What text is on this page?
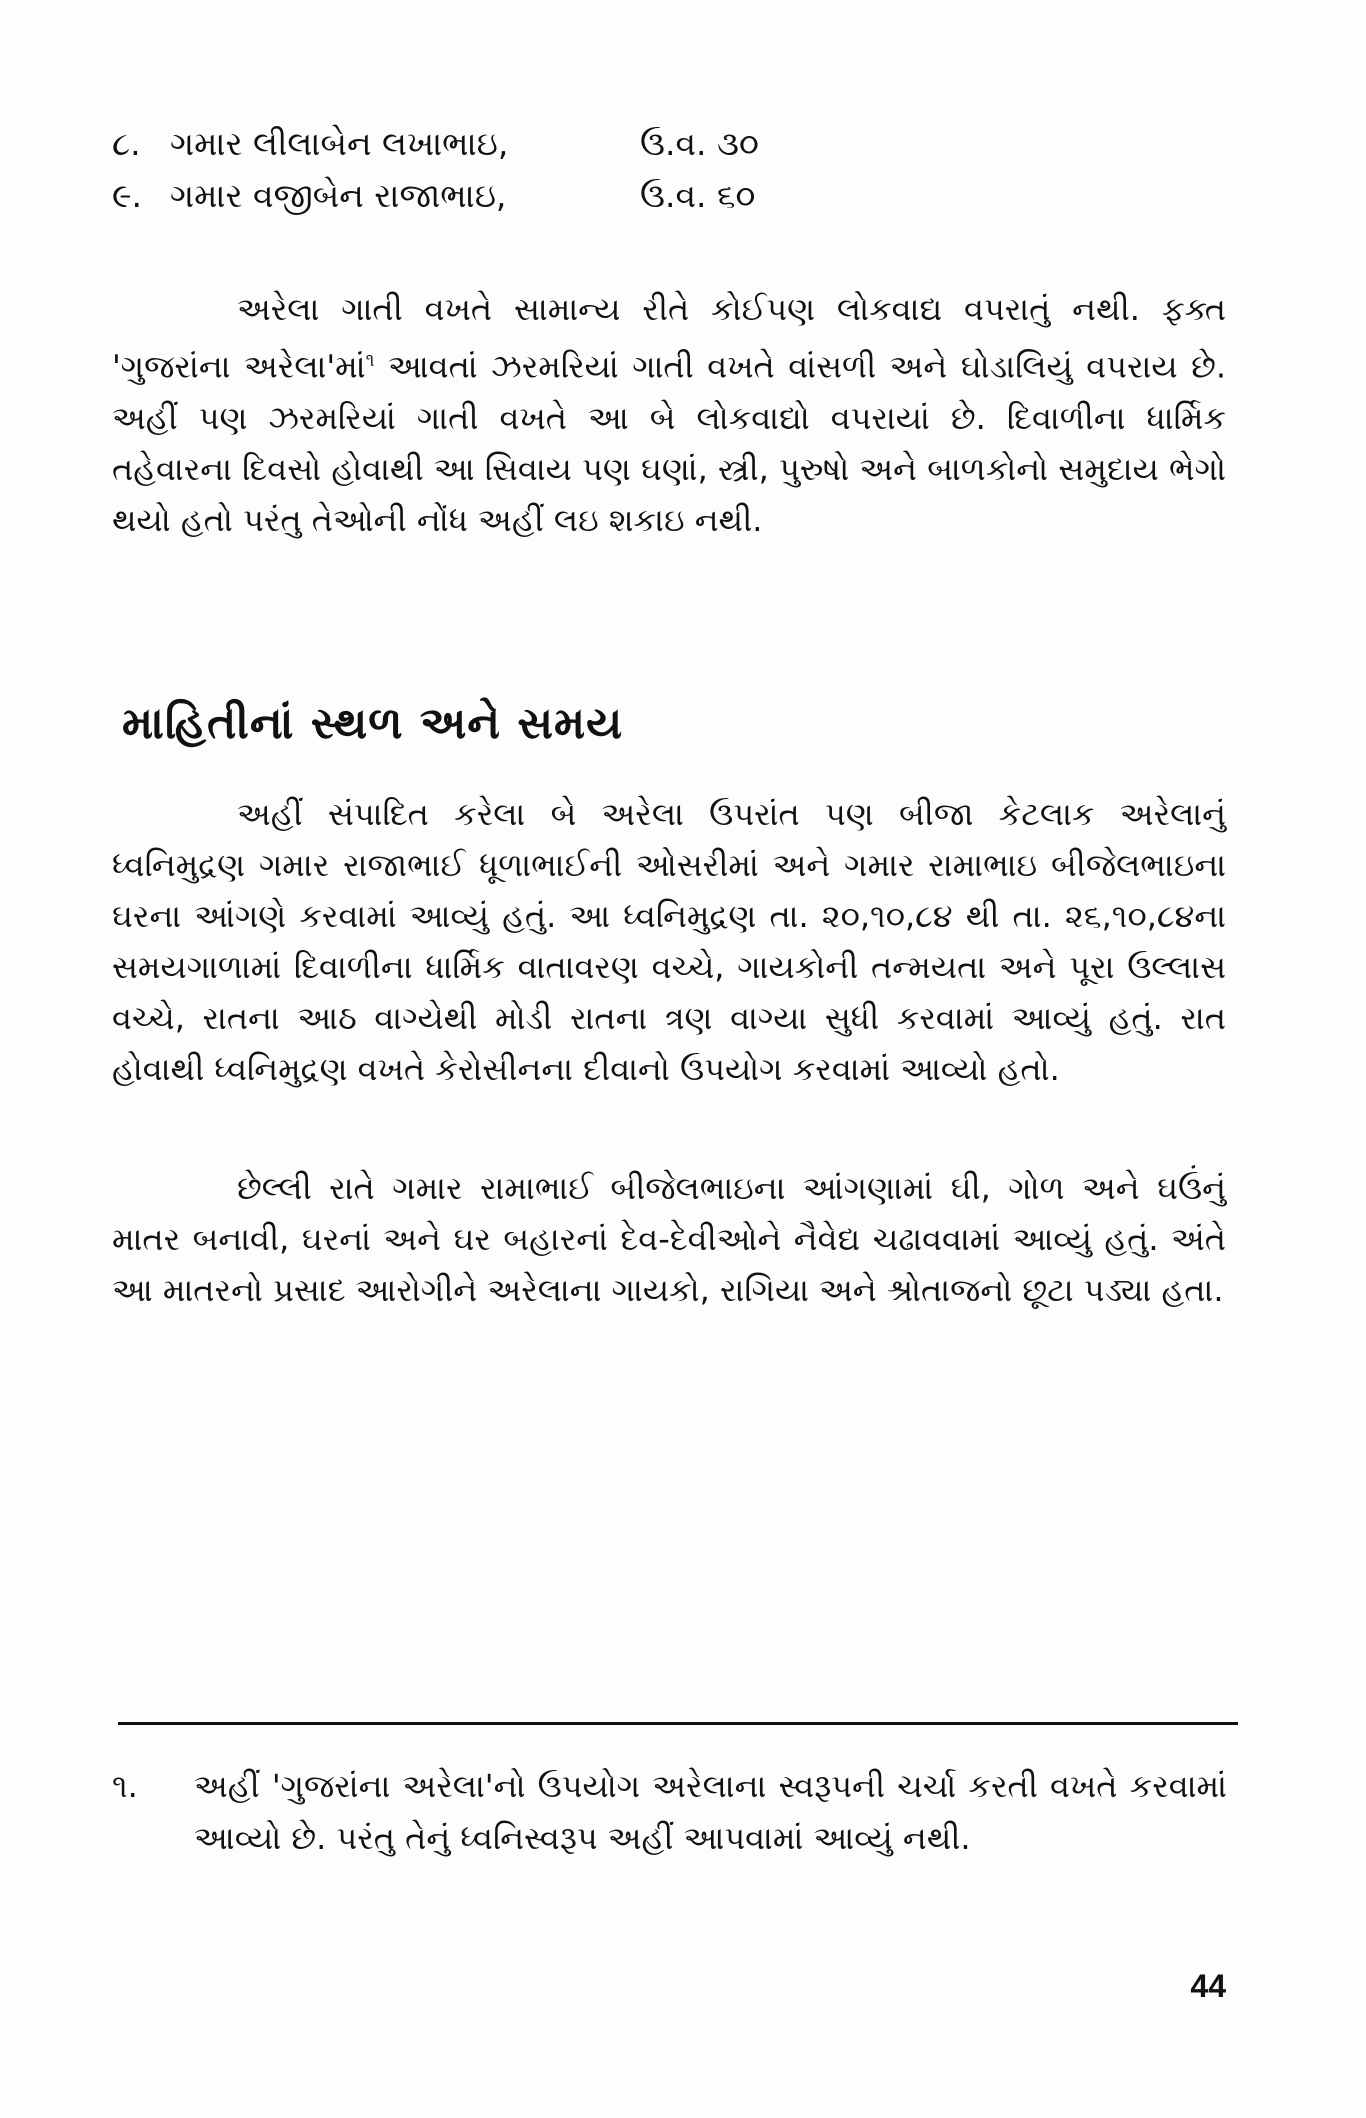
૮. ગમાર લીલાબેન લખાભાઇ,	ઉ.વ. ૩૦
૯. ગમાર વજીબેન રાજાભાઇ,	ઉ.વ. ૬૦

અરેલા ગાતી વખતે સામાન્ય રીતે કોઈપણ લોકવાદ્ય વપરાતું નથી. ફક્ત 'ગુજરાંના અરેલા'માં$^૧$ આવતાં ઝરમરિયાં ગાતી વખતે વાંસળી અને ઘોડાલિયું વપરાય છે. અહીં પણ ઝરમરિયાં ગાતી વખતે આ બે લોકવાદ્યો વપરાયાં છે. દિવાળીના ધાર્મિક તહેવારના દિવસો હોવાથી આ સિવાય પણ ઘણાં, સ્ત્રી, પુરુષો અને બાળકોનો સમુદાય ભેગો થયો હતો પરંતુ તેઓની નોંધ અહીં લઇ શકાઇ નથી.

માહિતીનાં સ્થળ અને સમય

અહીં સંપાદિત કરેલા બે અરેલા ઉપરાંત પણ બીજા કેટલાક અરેલાનું ધ્વનિમુદ્રણ ગમાર રાજાભાઈ ધૂળાભાઈની ઓસરીમાં અને ગમાર રામાભાઇ બીજેલભાઇના ઘરના આંગણે કરવામાં આવ્યું હતું. આ ધ્વનિમુદ્રણ તા. ૨૦,૧૦,૮૪ થી તા. ૨૬,૧૦,૮૪ના સમયગાળામાં દિવાળીના ધાર્મિક વાતાવરણ વચ્ચે, ગાયકોની તન્મયતા અને પૂરા ઉલ્લાસ વચ્ચે, રાતના આઠ વાગ્યેથી મોડી રાતના ત્રણ વાગ્યા સુધી કરવામાં આવ્યું હતું. રાત હોવાથી ધ્વનિમુદ્રણ વખતે કેરોસીનના દીવાનો ઉપયોગ કરવામાં આવ્યો હતો.

છેલ્લી રાતે ગમાર રામાભાઈ બીજેલભાઇના આંગણામાં ઘી, ગોળ અને ઘઉંનું માતર બનાવી, ઘરનાં અને ઘર બહારનાં દેવ-દેવીઓને નૈવેદ્ય ચઢાવવામાં આવ્યું હતું. અંતે આ માતરનો પ્રસાદ આરોગીને અરેલાના ગાયકો, રાગિયા અને શ્રોતાજનો છૂટા પડ્યા હતા.

૧.	અહીં 'ગુજરાંના અરેલા'નો ઉપયોગ અરેલાના સ્વરૂપની ચર્ચા કરતી વખતે કરવામાં આવ્યો છે. પરંતુ તેનું ધ્વનિસ્વરૂપ અહીં આપવામાં આવ્યું નથી.
44
